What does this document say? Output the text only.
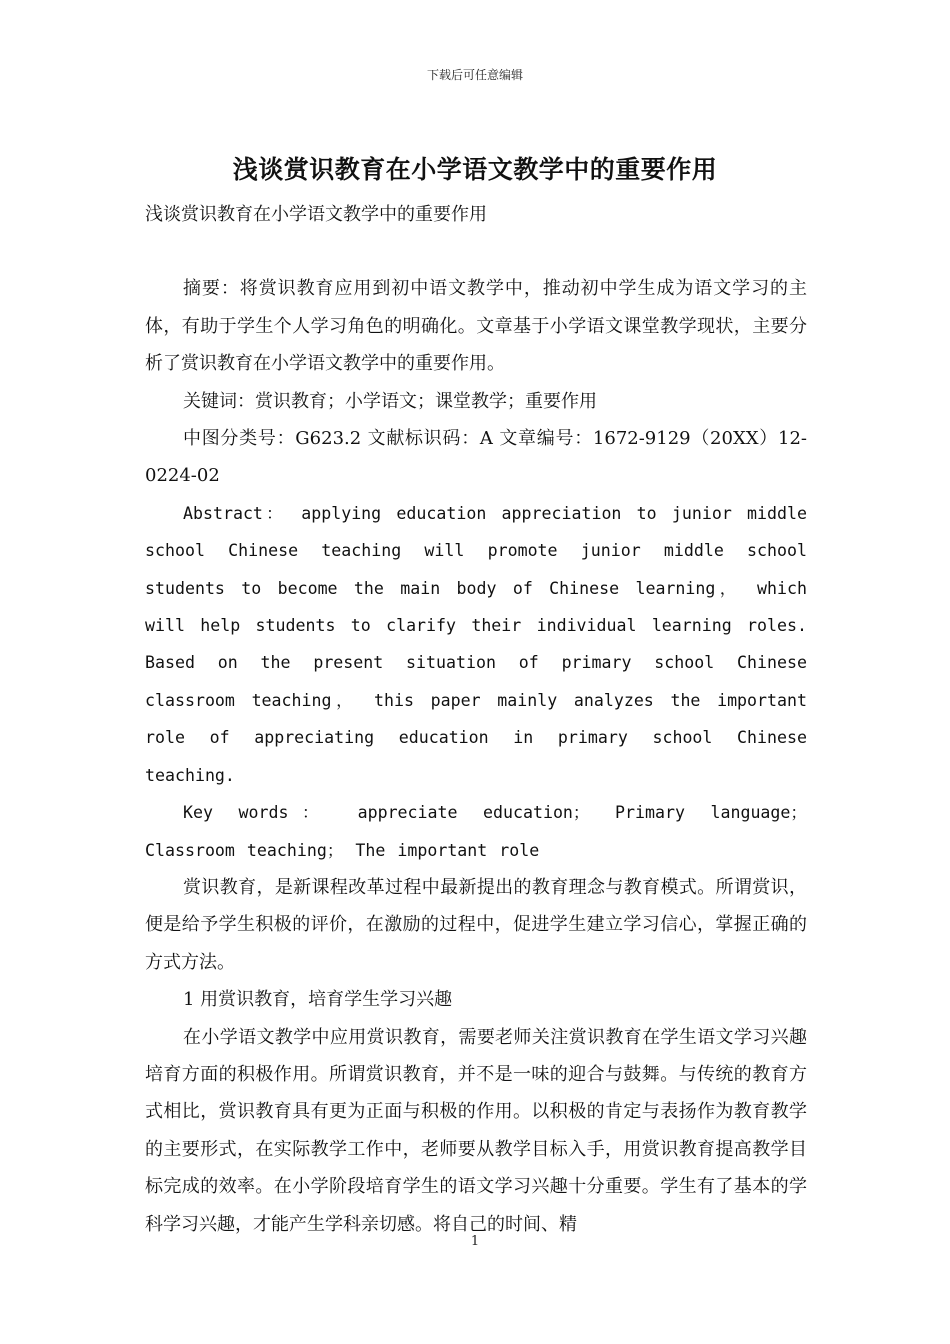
下载后可任意编辑
浅谈赏识教育在小学语文教学中的重要作用

浅谈赏识教育在小学语文教学中的重要作用

摘要：将赏识教育应用到初中语文教学中，推动初中学生成为语文学习的主体，有助于学生个人学习角色的明确化。文章基于小学语文课堂教学现状，主要分析了赏识教育在小学语文教学中的重要作用。

关键词：赏识教育；小学语文；课堂教学；重要作用

中图分类号：G623.2 文献标识码：A 文章编号：1672-9129（20XX）12-0224-02

Abstract： applying education appreciation to junior middle school Chinese teaching will promote junior middle school students to become the main body of Chinese learning， which will help students to clarify their individual learning roles. Based on the present situation of primary school Chinese classroom teaching， this paper mainly analyzes the important role of appreciating education in primary school Chinese teaching.

Key words： appreciate education； Primary language； Classroom teaching； The important role

赏识教育，是新课程改革过程中最新提出的教育理念与教育模式。所谓赏识，便是给予学生积极的评价，在激励的过程中，促进学生建立学习信心，掌握正确的方式方法。

1 用赏识教育，培育学生学习兴趣

在小学语文教学中应用赏识教育，需要老师关注赏识教育在学生语文学习兴趣培育方面的积极作用。所谓赏识教育，并不是一味的迎合与鼓舞。与传统的教育方式相比，赏识教育具有更为正面与积极的作用。以积极的肯定与表扬作为教育教学的主要形式，在实际教学工作中，老师要从教学目标入手，用赏识教育提高教学目标完成的效率。在小学阶段培育学生的语文学习兴趣十分重要。学生有了基本的学科学习兴趣，才能产生学科亲切感。将自己的时间、精

1
